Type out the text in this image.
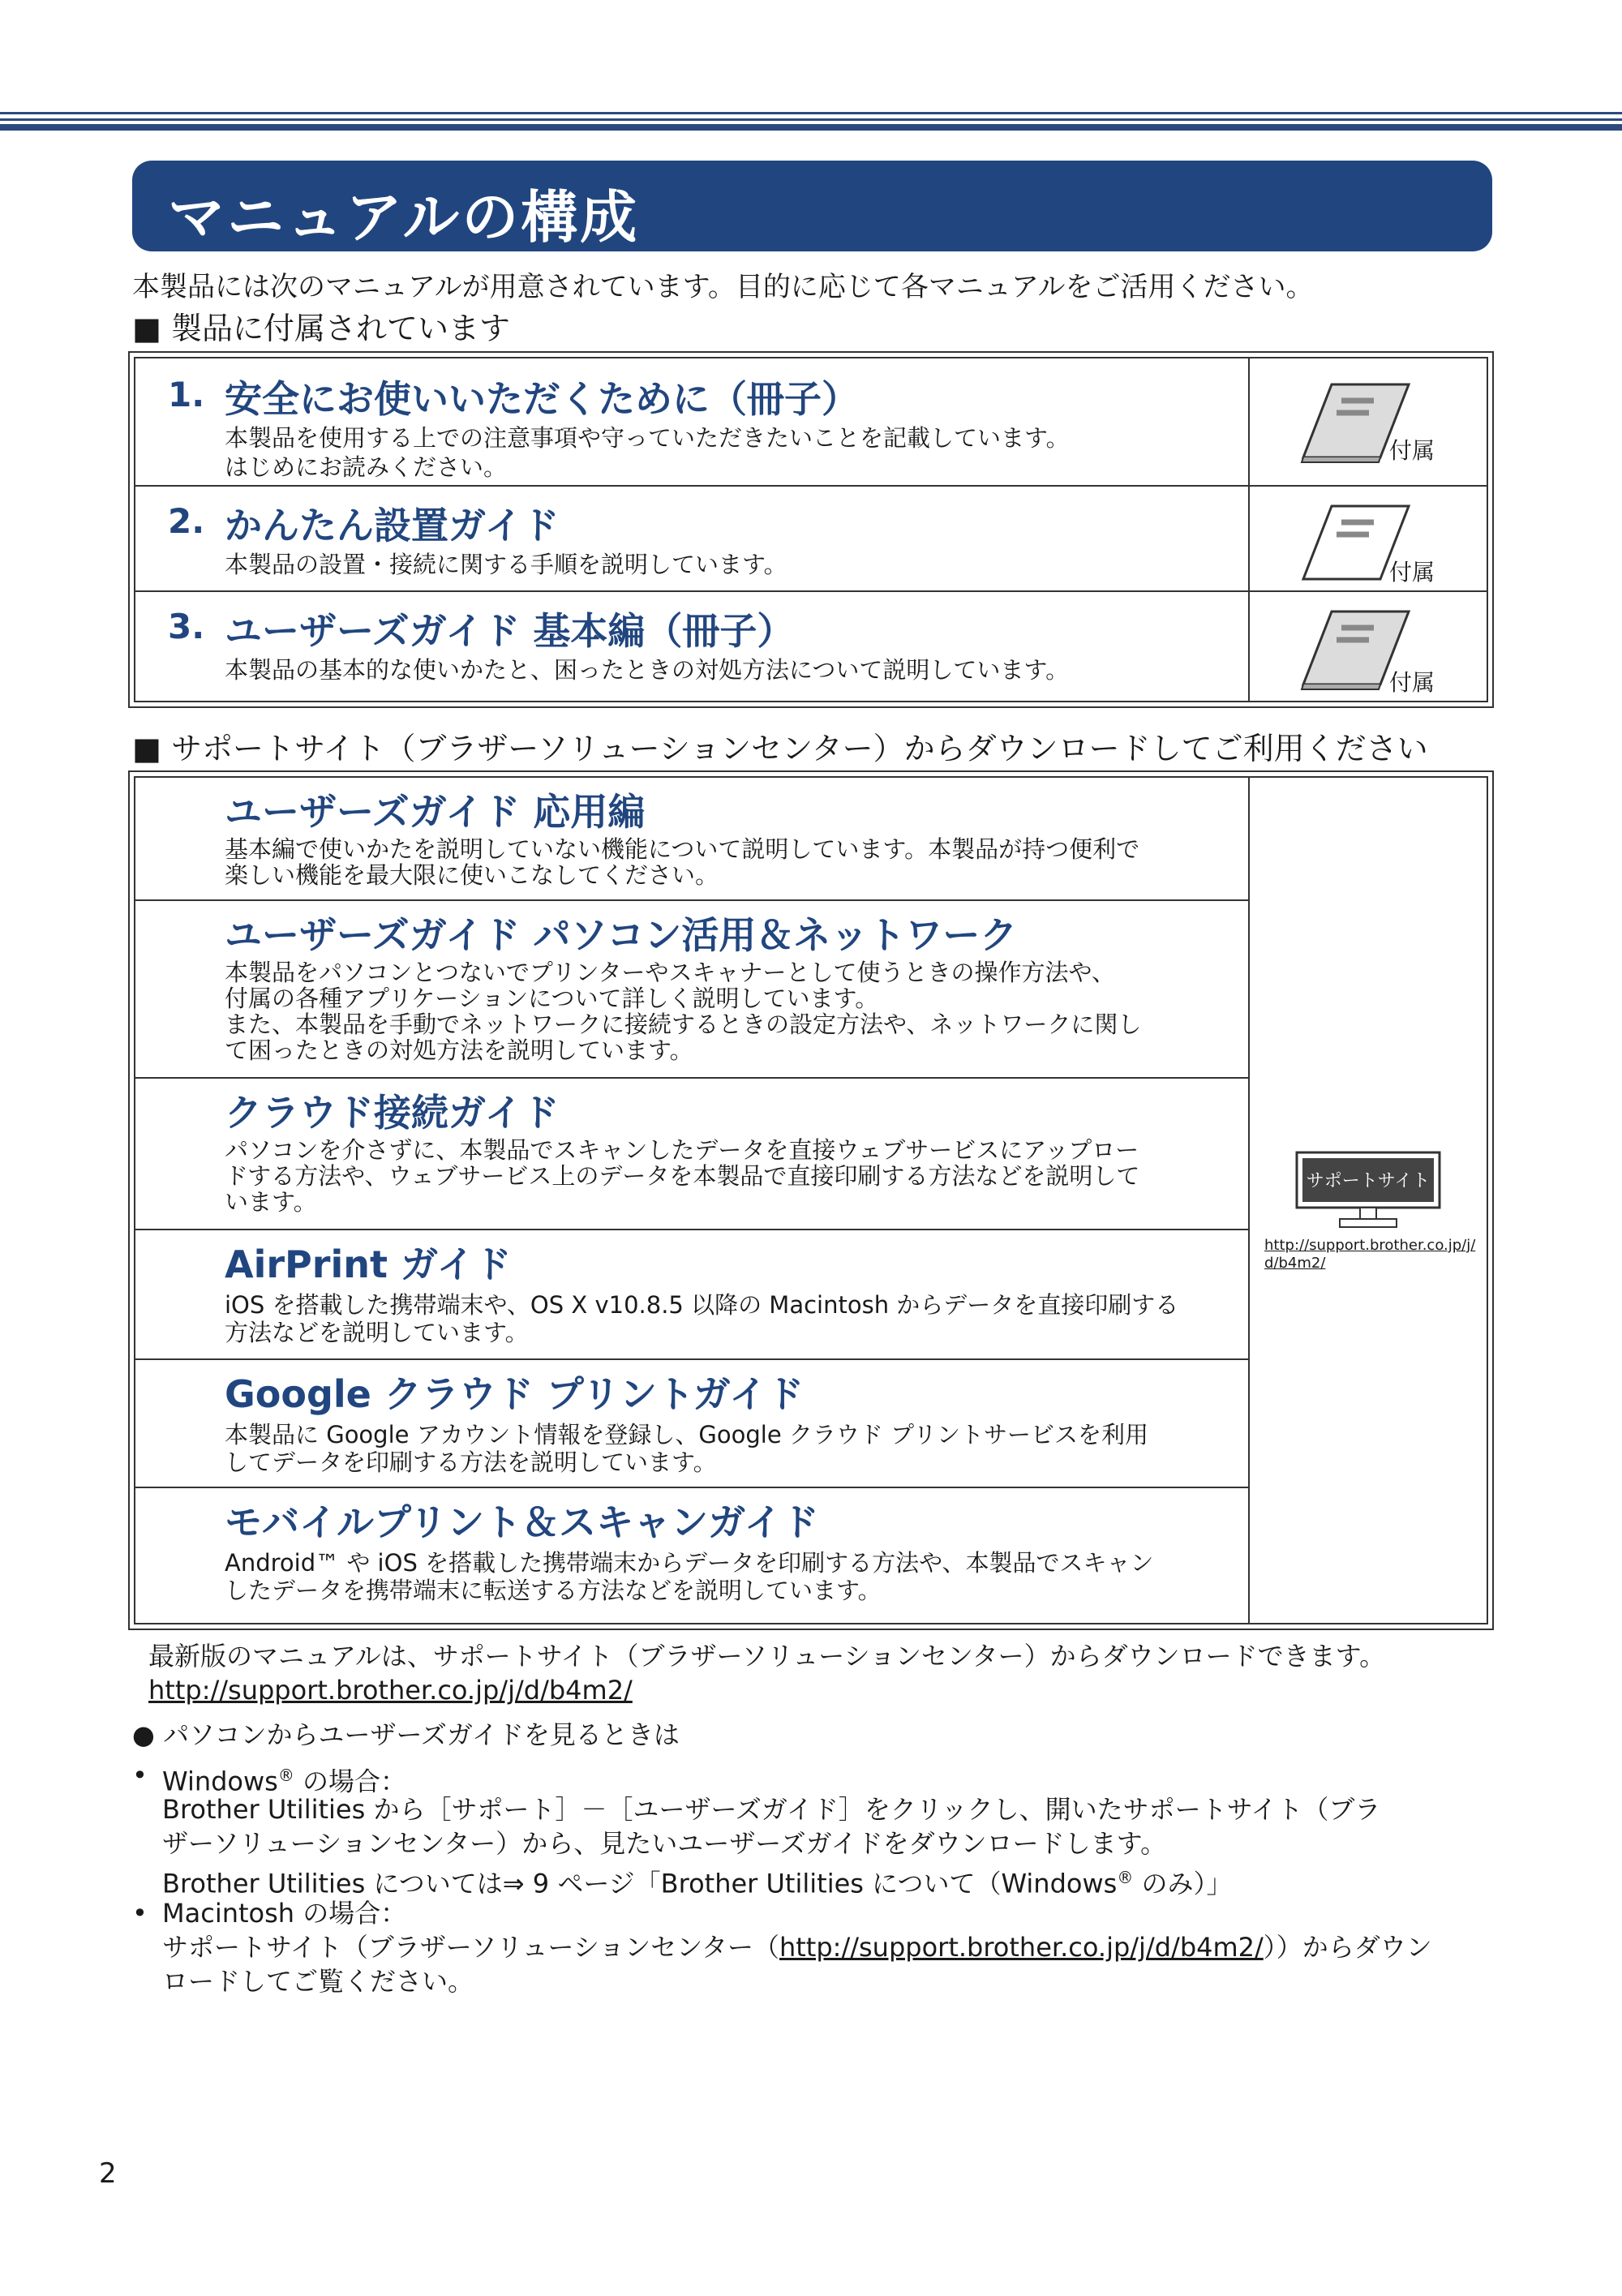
マニュアルの構成
本製品には次のマニュアルが用意されています。目的に応じて各マニュアルをご活用ください。
■ 製品に付属されています
1. 安全にお使いいただくために（冊子）
本製品を使用する上での注意事項や守っていただきたいことを記載しています。
はじめにお読みください。
付属
2. かんたん設置ガイド
本製品の設置・接続に関する手順を説明しています。	付属
3. ユーザーズガイド 基本編（冊子）
本製品の基本的な使いかたと、困ったときの対処方法について説明しています。	付属
■ サポートサイト（ブラザーソリューションセンター）からダウンロードしてご利用ください
ユーザーズガイド 応用編
基本編で使いかたを説明していない機能について説明しています。本製品が持つ便利で
楽しい機能を最大限に使いこなしてください。
ユーザーズガイド パソコン活用＆ネットワーク
本製品をパソコンとつないでプリンターやスキャナーとして使うときの操作方法や、
付属の各種アプリケーションについて詳しく説明しています。
また、本製品を手動でネットワークに接続するときの設定方法や、ネットワークに関し
て困ったときの対処方法を説明しています。
クラウド接続ガイド
パソコンを介さずに、本製品でスキャンしたデータを直接ウェブサービスにアップロー
ドする方法や、ウェブサービス上のデータを本製品で直接印刷する方法などを説明して
います。
AirPrint ガイド
iOS を搭載した携帯端末や、OS X v10.8.5 以降の Macintosh からデータを直接印刷する
方法などを説明しています。
Google クラウド プリントガイド
本製品に Google アカウント情報を登録し、Google クラウド プリントサービスを利用
してデータを印刷する方法を説明しています。
モバイルプリント＆スキャンガイド
Android™ や iOS を搭載した携帯端末からデータを印刷する方法や、本製品でスキャン
したデータを携帯端末に転送する方法などを説明しています。
サポートサイト
http://support.brother.co.jp/j/
d/b4m2/
最新版のマニュアルは、サポートサイト（ブラザーソリューションセンター）からダウンロードできます。
http://support.brother.co.jp/j/d/b4m2/
● パソコンからユーザーズガイドを見るときは
• Windows® の場合：
Brother Utilities から［サポート］－［ユーザーズガイド］をクリックし、開いたサポートサイト（ブラ
ザーソリューションセンター）から、見たいユーザーズガイドをダウンロードします。
Brother Utilities については⇒ 9 ページ「Brother Utilities について（Windows® のみ）」
• Macintosh の場合：
サポートサイト（ブラザーソリューションセンター（http://support.brother.co.jp/j/d/b4m2/））からダウン
ロードしてご覧ください。
2
